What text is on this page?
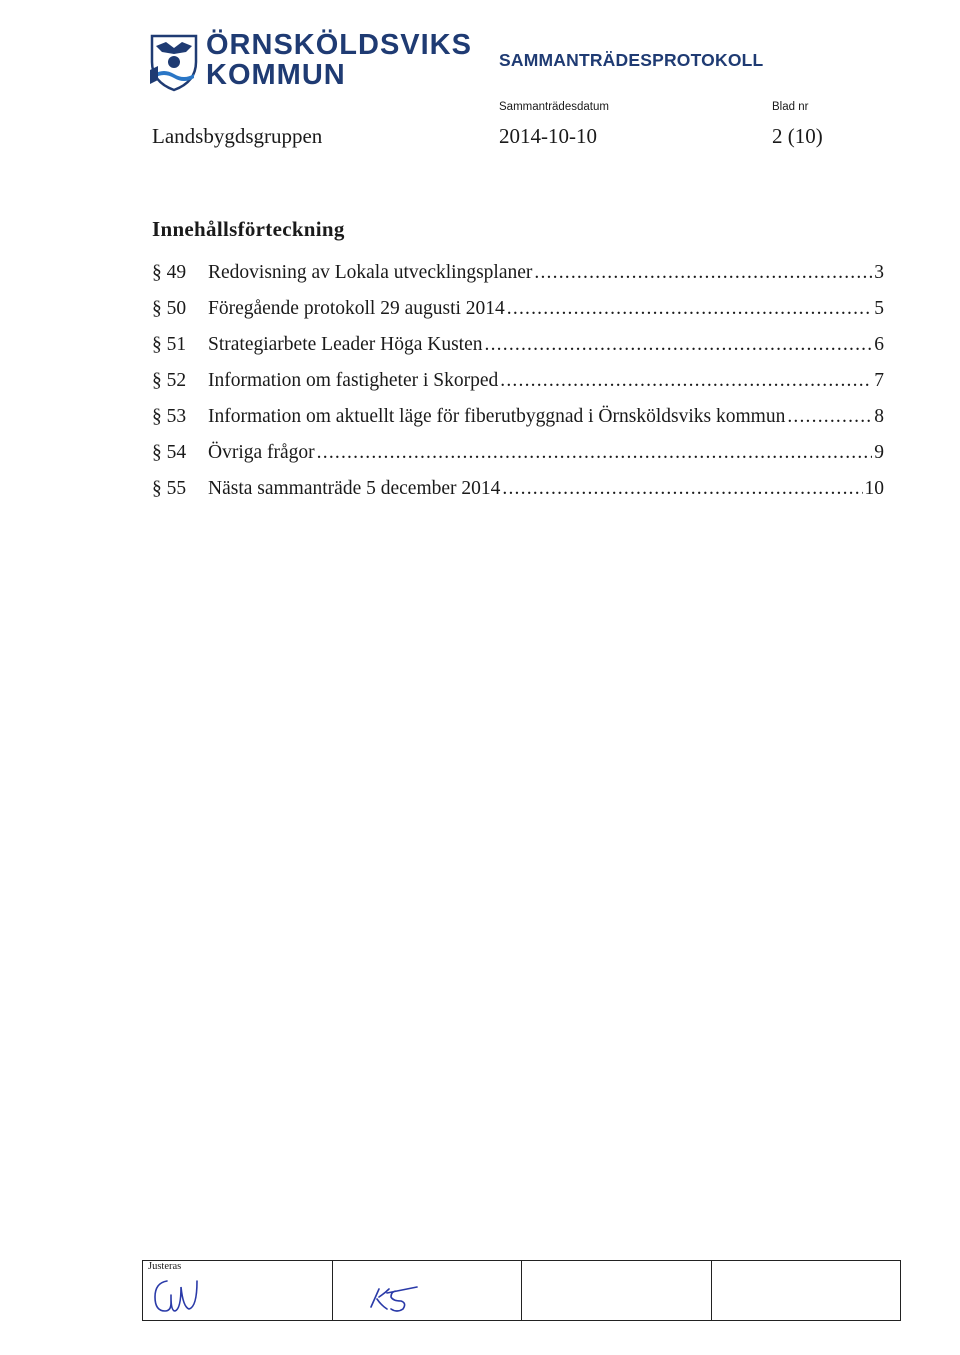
ÖRNSKÖLDSVIKS
KOMMUN	SAMMANTRÄDESPROTOKOLL
Sammanträdesdatum	Blad nr
Landsbygdsgruppen	2014-10-10	2 (10)
Innehållsförteckning
§ 49	Redovisning av Lokala utvecklingsplaner .....	3
§ 50	Föregående protokoll 29 augusti 2014 .....	5
§ 51	Strategiarbete Leader Höga Kusten .....	6
§ 52	Information om fastigheter i Skorped .....	7
§ 53	Information om aktuellt läge för fiberutbyggnad i Örnsköldsviks kommun .....	8
§ 54	Övriga frågor .....	9
§ 55	Nästa sammanträde 5 december 2014 .....	10
Justeras
